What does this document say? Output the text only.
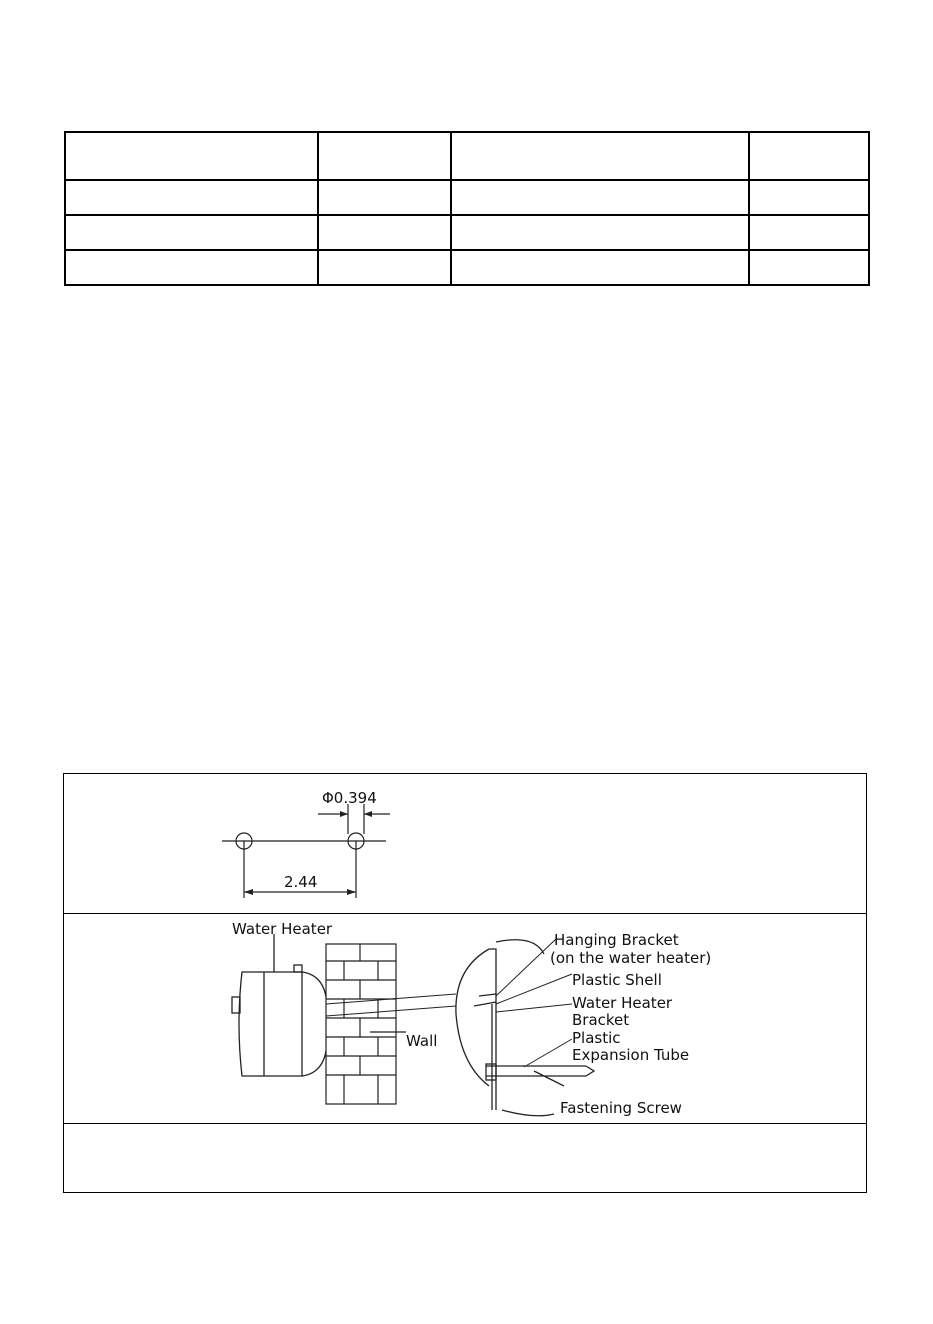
Φ0.394
2.44
Water Heater
Wall
Hanging Bracket
(on the water heater)
Plastic Shell
Water Heater
Bracket
Plastic
Expansion Tube
Fastening Screw
